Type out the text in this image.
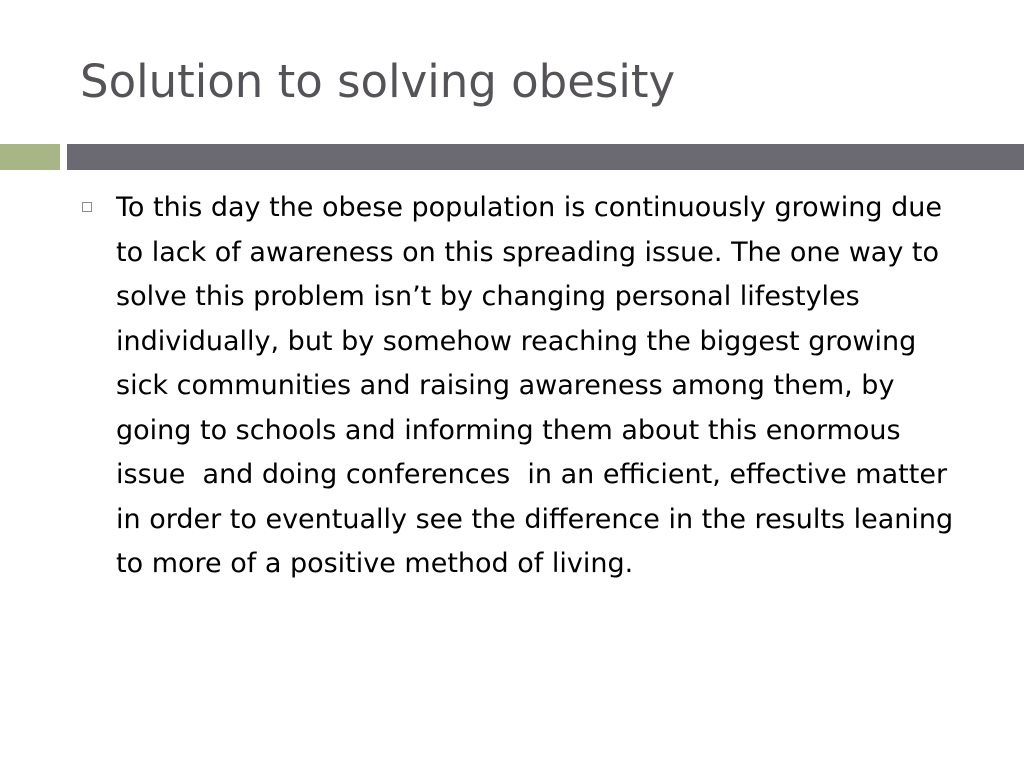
Solution to solving obesity
To this day the obese population is continuously growing due to lack of awareness on this spreading issue. The one way to solve this problem isn’t by changing personal lifestyles individually, but by somehow reaching the biggest growing sick communities and raising awareness among them, by going to schools and informing them about this enormous issue  and doing conferences  in an efficient, effective matter in order to eventually see the difference in the results leaning to more of a positive method of living.
